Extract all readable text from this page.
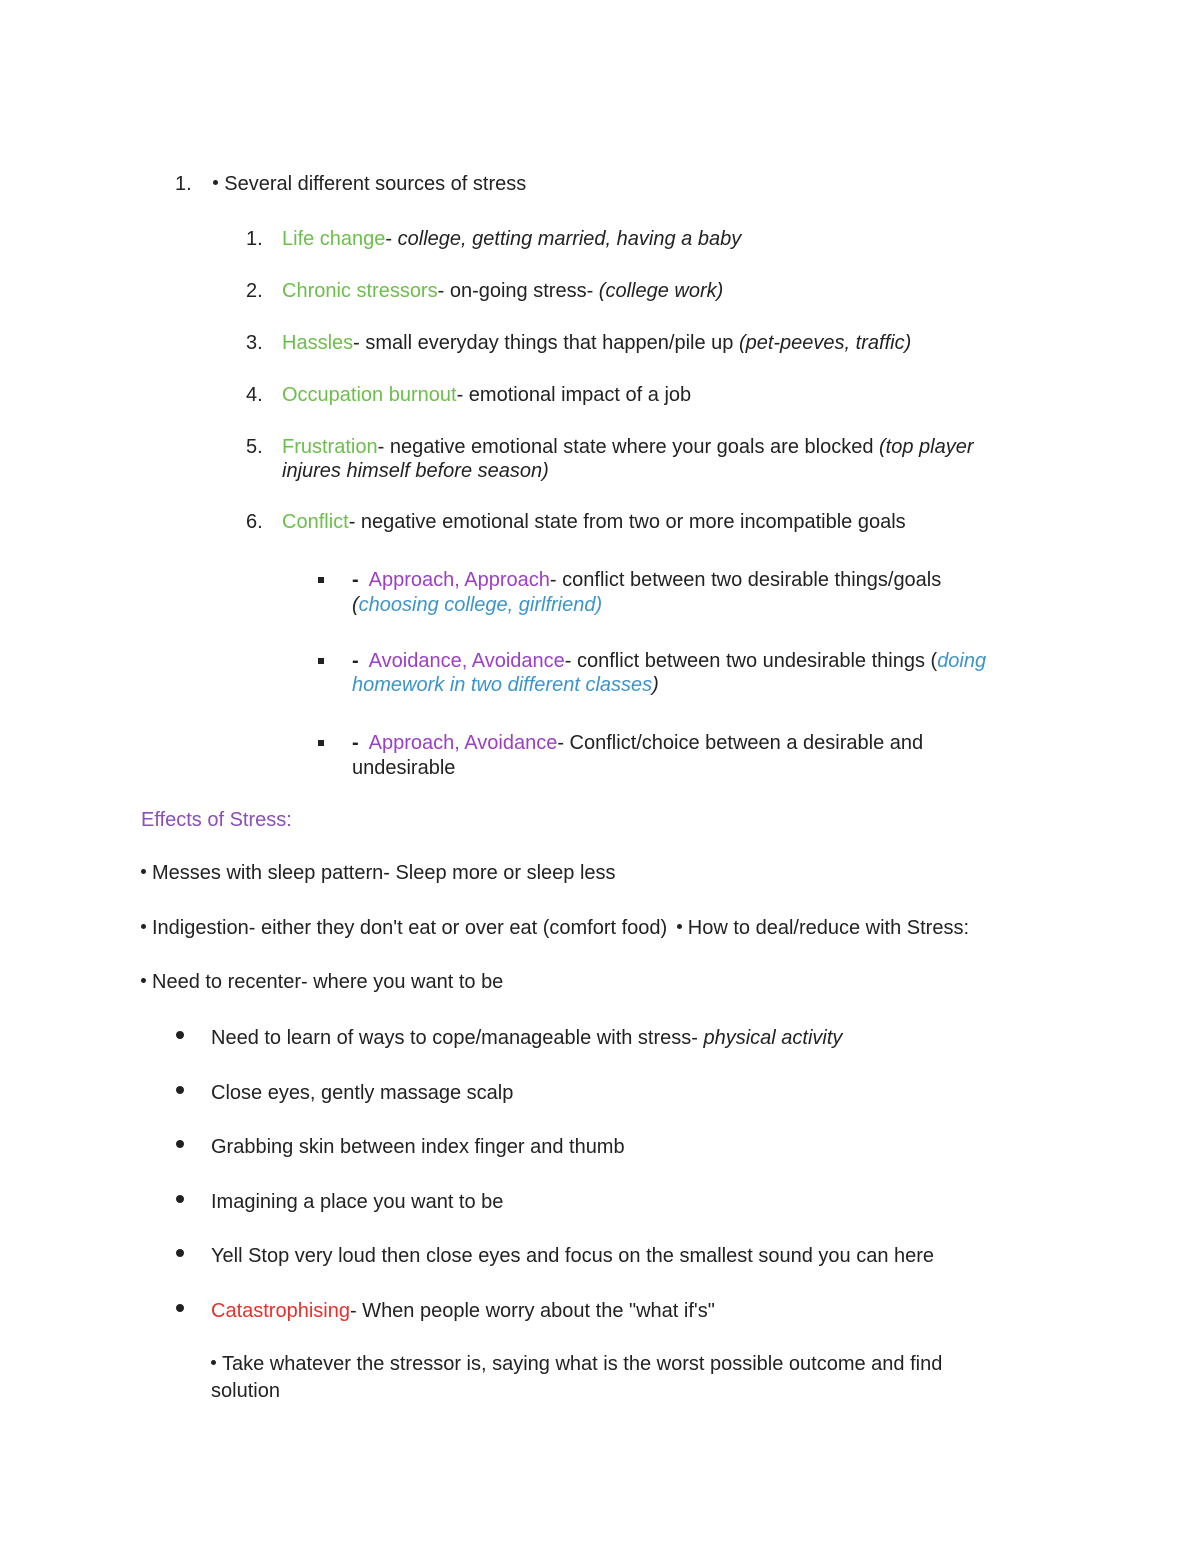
1. Several different sources of stress
1. Life change- college, getting married, having a baby
2. Chronic stressors- on-going stress- (college work)
3. Hassles- small everyday things that happen/pile up (pet-peeves, traffic)
4. Occupation burnout- emotional impact of a job
5. Frustration- negative emotional state where your goals are blocked (top player
injures himself before season)
6. Conflict- negative emotional state from two or more incompatible goals
- Approach, Approach- conflict between two desirable things/goals
(choosing college, girlfriend)
- Avoidance, Avoidance- conflict between two undesirable things (doing
homework in two different classes)
- Approach, Avoidance- Conflict/choice between a desirable and
undesirable
Effects of Stress:
Messes with sleep pattern- Sleep more or sleep less
Indigestion- either they don't eat or over eat (comfort food) How to deal/reduce with Stress:
Need to recenter- where you want to be
Need to learn of ways to cope/manageable with stress- physical activity
Close eyes, gently massage scalp
Grabbing skin between index finger and thumb
Imagining a place you want to be
Yell Stop very loud then close eyes and focus on the smallest sound you can here
Catastrophising- When people worry about the "what if's"
Take whatever the stressor is, saying what is the worst possible outcome and find
solution
